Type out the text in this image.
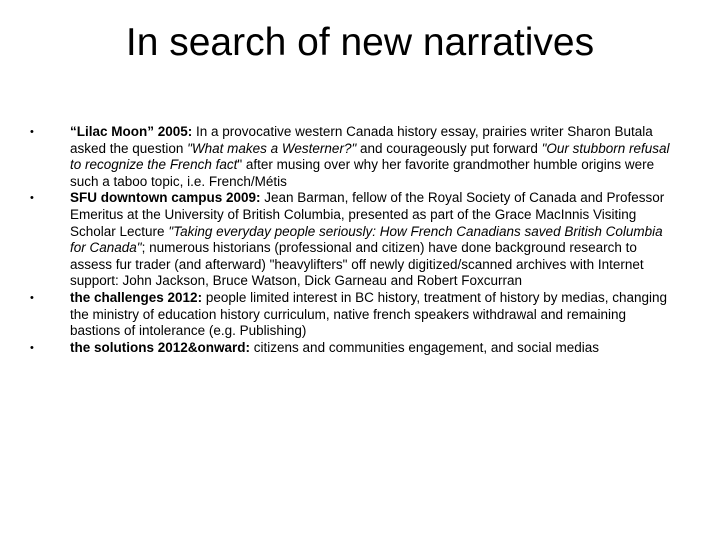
In search of new narratives
•	“Lilac Moon” 2005: In a provocative western Canada history essay, prairies writer Sharon Butala asked the question "What makes a Westerner?" and courageously put forward "Our stubborn refusal to recognize the French fact" after musing over why her favorite grandmother humble origins were such a taboo topic, i.e. French/Métis
•	SFU downtown campus 2009: Jean Barman, fellow of the Royal Society of Canada and Professor Emeritus at the University of British Columbia, presented as part of the Grace MacInnis Visiting Scholar Lecture "Taking everyday people seriously: How French Canadians saved British Columbia for Canada"; numerous historians (professional and citizen) have done background research to assess fur trader (and afterward) "heavylifters" off newly digitized/scanned archives with Internet support: John Jackson, Bruce Watson, Dick Garneau and Robert Foxcurran
•	the challenges 2012: people limited interest in BC history, treatment of history by medias, changing the ministry of education history curriculum, native french speakers withdrawal and remaining bastions of intolerance (e.g. Publishing)
•	the solutions 2012&onward: citizens and communities engagement, and social medias
